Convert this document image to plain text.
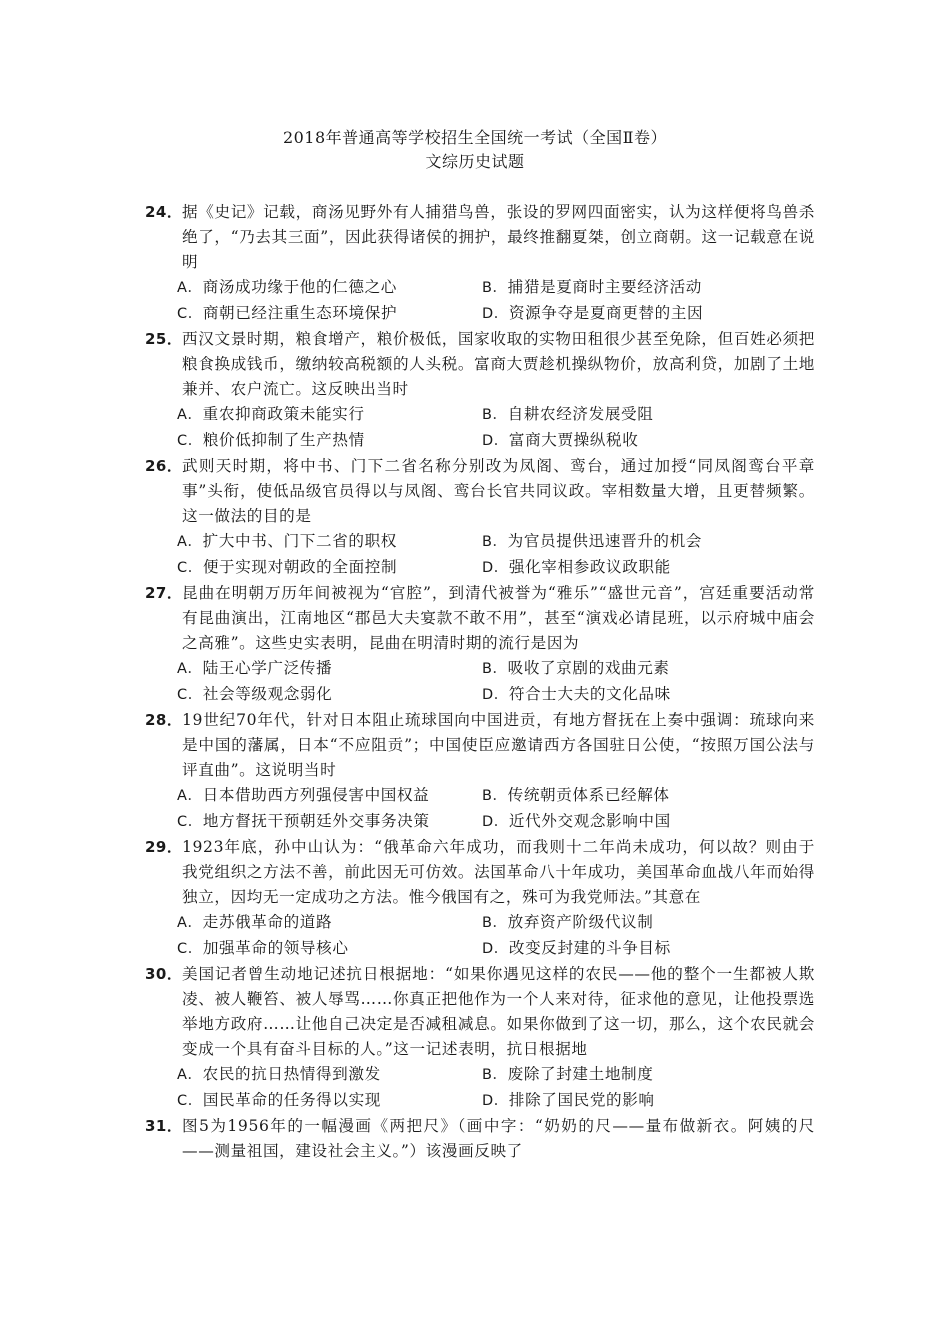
2018年普通高等学校招生全国统一考试（全国Ⅱ卷）
文综历史试题
24． 据《史记》记载，商汤见野外有人捕猎鸟兽，张设的罗网四面密实，认为这样便将鸟兽杀绝了，“乃去其三面”，因此获得诸侯的拥护，最终推翻夏桀，创立商朝。这一记载意在说明
A．商汤成功缘于他的仁德之心	B．捕猎是夏商时主要经济活动
C．商朝已经注重生态环境保护	D．资源争夺是夏商更替的主因
25． 西汉文景时期，粮食增产，粮价极低，国家收取的实物田租很少甚至免除，但百姓必须把粮食换成钱币，缴纳较高税额的人头税。富商大贾趁机操纵物价，放高利贷，加剧了土地兼并、农户流亡。这反映出当时
A．重农抑商政策未能实行	B．自耕农经济发展受阻
C．粮价低抑制了生产热情	D．富商大贾操纵税收
26． 武则天时期，将中书、门下二省名称分别改为凤阁、鸾台，通过加授“同凤阁鸾台平章事”头衔，使低品级官员得以与凤阁、鸾台长官共同议政。宰相数量大增，且更替频繁。这一做法的目的是
A．扩大中书、门下二省的职权	B．为官员提供迅速晋升的机会
C．便于实现对朝政的全面控制	D．强化宰相参政议政职能
27． 昆曲在明朝万历年间被视为“官腔”，到清代被誉为“雅乐”“盛世元音”，宫廷重要活动常有昆曲演出，江南地区“郡邑大夫宴款不敢不用”，甚至“演戏必请昆班，以示府城中庙会之高雅”。这些史实表明，昆曲在明清时期的流行是因为
A．陆王心学广泛传播	B．吸收了京剧的戏曲元素
C．社会等级观念弱化	D．符合士大夫的文化品味
28． 19世纪70年代，针对日本阻止琉球国向中国进贡，有地方督抚在上奏中强调：琉球向来是中国的藩属，日本“不应阻贡”；中国使臣应邀请西方各国驻日公使，“按照万国公法与评直曲”。这说明当时
A．日本借助西方列强侵害中国权益	B．传统朝贡体系已经解体
C．地方督抚干预朝廷外交事务决策	D．近代外交观念影响中国
29． 1923年底，孙中山认为：“俄革命六年成功，而我则十二年尚未成功，何以故？则由于我党组织之方法不善，前此因无可仿效。法国革命八十年成功，美国革命血战八年而始得独立，因均无一定成功之方法。惟今俄国有之，殊可为我党师法。”其意在
A．走苏俄革命的道路	B．放弃资产阶级代议制
C．加强革命的领导核心	D．改变反封建的斗争目标
30． 美国记者曾生动地记述抗日根据地：“如果你遇见这样的农民——他的整个一生都被人欺凌、被人鞭笞、被人辱骂……你真正把他作为一个人来对待，征求他的意见，让他投票选举地方政府……让他自己决定是否减租减息。如果你做到了这一切，那么，这个农民就会变成一个具有奋斗目标的人。”这一记述表明，抗日根据地
A．农民的抗日热情得到激发	B．废除了封建土地制度
C．国民革命的任务得以实现	D．排除了国民党的影响
31． 图5为1956年的一幅漫画《两把尺》（画中字：“奶奶的尺——量布做新衣。阿姨的尺——测量祖国，建设社会主义。”）该漫画反映了
